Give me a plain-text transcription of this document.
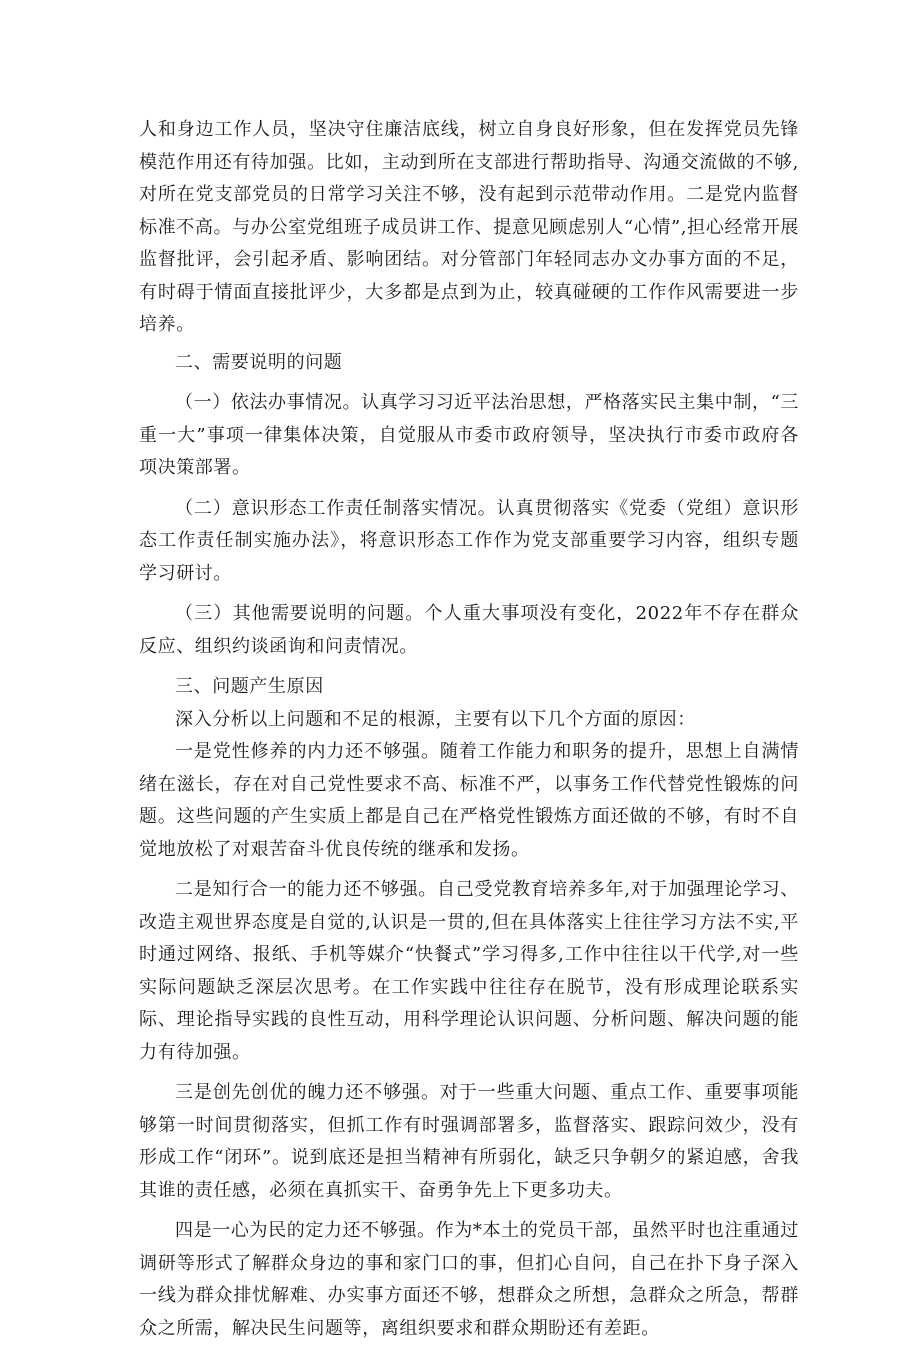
人和身边工作人员，坚决守住廉洁底线，树立自身良好形象，但在发挥党员先锋模范作用还有待加强。比如，主动到所在支部进行帮助指导、沟通交流做的不够,对所在党支部党员的日常学习关注不够，没有起到示范带动作用。二是党内监督标准不高。与办公室党组班子成员讲工作、提意见顾虑别人“心情”,担心经常开展监督批评，会引起矛盾、影响团结。对分管部门年轻同志办文办事方面的不足，有时碍于情面直接批评少，大多都是点到为止，较真碰硬的工作作风需要进一步培养。

二、需要说明的问题

（一）依法办事情况。认真学习习近平法治思想，严格落实民主集中制，“三重一大”事项一律集体决策，自觉服从市委市政府领导，坚决执行市委市政府各项决策部署。

（二）意识形态工作责任制落实情况。认真贯彻落实《党委（党组）意识形态工作责任制实施办法》，将意识形态工作作为党支部重要学习内容，组织专题学习研讨。

（三）其他需要说明的问题。个人重大事项没有变化，2022年不存在群众反应、组织约谈函询和问责情况。

三、问题产生原因

深入分析以上问题和不足的根源，主要有以下几个方面的原因：

一是党性修养的内力还不够强。随着工作能力和职务的提升，思想上自满情绪在滋长，存在对自己党性要求不高、标准不严，以事务工作代替党性锻炼的问题。这些问题的产生实质上都是自己在严格党性锻炼方面还做的不够，有时不自觉地放松了对艰苦奋斗优良传统的继承和发扬。

二是知行合一的能力还不够强。自己受党教育培养多年,对于加强理论学习、改造主观世界态度是自觉的,认识是一贯的,但在具体落实上往往学习方法不实,平时通过网络、报纸、手机等媒介“快餐式”学习得多,工作中往往以干代学,对一些实际问题缺乏深层次思考。在工作实践中往往存在脱节，没有形成理论联系实际、理论指导实践的良性互动，用科学理论认识问题、分析问题、解决问题的能力有待加强。

三是创先创优的魄力还不够强。对于一些重大问题、重点工作、重要事项能够第一时间贯彻落实，但抓工作有时强调部署多，监督落实、跟踪问效少，没有形成工作“闭环”。说到底还是担当精神有所弱化，缺乏只争朝夕的紧迫感，舍我其谁的责任感，必须在真抓实干、奋勇争先上下更多功夫。

四是一心为民的定力还不够强。作为*本土的党员干部，虽然平时也注重通过调研等形式了解群众身边的事和家门口的事，但扪心自问，自己在扑下身子深入一线为群众排忧解难、办实事方面还不够，想群众之所想，急群众之所急，帮群众之所需，解决民生问题等，离组织要求和群众期盼还有差距。
